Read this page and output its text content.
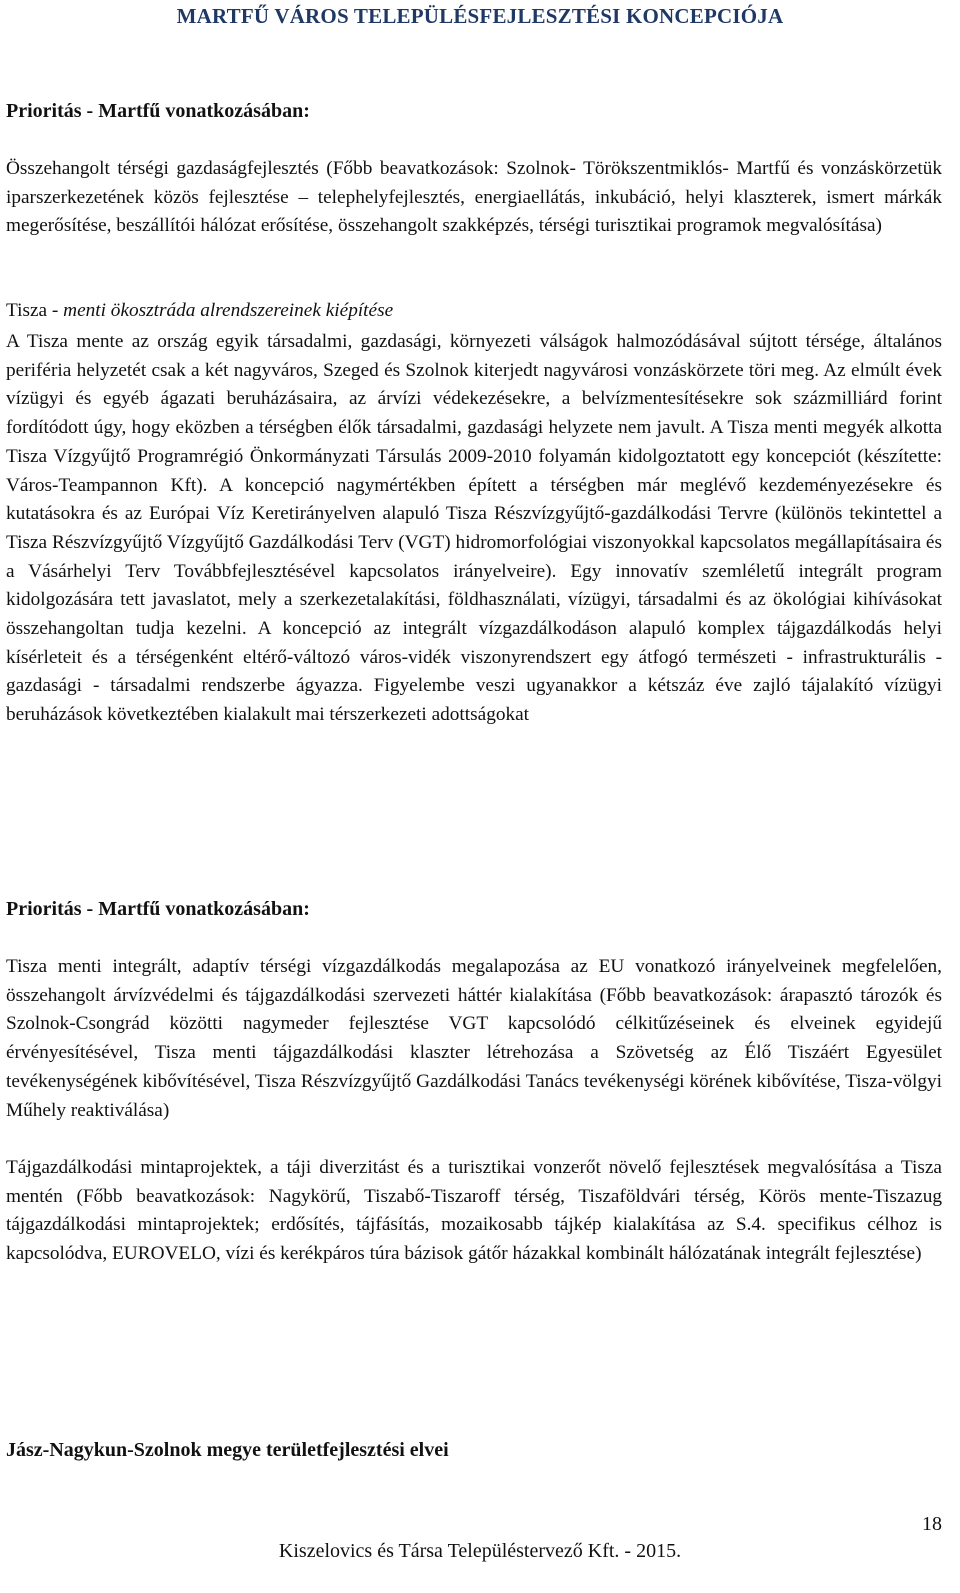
MARTFŰ VÁROS TELEPÜLÉSFEJLESZTÉSI KONCEPCIÓJA
Prioritás - Martfű vonatkozásában:

Összehangolt térségi gazdaságfejlesztés (Főbb beavatkozások: Szolnok- Törökszentmiklós- Martfű és vonzáskörzetük iparszerkezetének közös fejlesztése – telephelyfejlesztés, energiaellátás, inkubáció, helyi klaszterek, ismert márkák megerősítése, beszállítói hálózat erősítése, összehangolt szakképzés, térségi turisztikai programok megvalósítása)

Tisza - menti ökosztráda alrendszereinek kiépítése

A Tisza mente az ország egyik társadalmi, gazdasági, környezeti válságok halmozódásával sújtott térsége, általános periféria helyzetét csak a két nagyváros, Szeged és Szolnok kiterjedt nagyvárosi vonzáskörzete töri meg. Az elmúlt évek vízügyi és egyéb ágazati beruházásaira, az árvízi védekezésekre, a belvízmentesítésekre sok százmilliárd forint fordítódott úgy, hogy eközben a térségben élők társadalmi, gazdasági helyzete nem javult. A Tisza menti megyék alkotta Tisza Vízgyűjtő Programrégió Önkormányzati Társulás 2009-2010 folyamán kidolgoztatott egy koncepciót (készítette: Város-Teampannon Kft). A koncepció nagymértékben épített a térségben már meglévő kezdeményezésekre és kutatásokra és az Európai Víz Keretirányelven alapuló Tisza Részvízgyűjtő-gazdálkodási Tervre (különös tekintettel a Tisza Részvízgyűjtő Vízgyűjtő Gazdálkodási Terv (VGT) hidromorfológiai viszonyokkal kapcsolatos megállapításaira és a Vásárhelyi Terv Továbbfejlesztésével kapcsolatos irányelveire). Egy innovatív szemléletű integrált program kidolgozására tett javaslatot, mely a szerkezetalakítási, földhasználati, vízügyi, társadalmi és az ökológiai kihívásokat összehangoltan tudja kezelni. A koncepció az integrált vízgazdálkodáson alapuló komplex tájgazdálkodás helyi kísérleteit és a térségenként eltérő-változó város-vidék viszonyrendszert egy átfogó természeti - infrastrukturális - gazdasági - társadalmi rendszerbe ágyazza. Figyelembe veszi ugyanakkor a kétszáz éve zajló tájalakító vízügyi beruházások következtében kialakult mai térszerkezeti adottságokat

Prioritás - Martfű vonatkozásában:

Tisza menti integrált, adaptív térségi vízgazdálkodás megalapozása az EU vonatkozó irányelveinek megfelelően, összehangolt árvízvédelmi és tájgazdálkodási szervezeti háttér kialakítása (Főbb beavatkozások: árapasztó tározók és Szolnok-Csongrád közötti nagymeder fejlesztése VGT kapcsolódó célkitűzéseinek és elveinek egyidejű érvényesítésével, Tisza menti tájgazdálkodási klaszter létrehozása a Szövetség az Élő Tiszáért Egyesület tevékenységének kibővítésével, Tisza Részvízgyűjtő Gazdálkodási Tanács tevékenységi körének kibővítése, Tisza-völgyi Műhely reaktiválása)

Tájgazdálkodási mintaprojektek, a táji diverzitást és a turisztikai vonzerőt növelő fejlesztések megvalósítása a Tisza mentén (Főbb beavatkozások: Nagykörű, Tiszabő-Tiszaroff térség, Tiszaföldvári térség, Körös mente-Tiszazug tájgazdálkodási mintaprojektek; erdősítés, tájfásítás, mozaikosabb tájkép kialakítása az S.4. specifikus célhoz is kapcsolódva, EUROVELO, vízi és kerékpáros túra bázisok gátőr házakkal kombinált hálózatának integrált fejlesztése)

Jász-Nagykun-Szolnok megye területfejlesztési elvei
18
Kiszelovics és Társa Településtervező Kft. - 2015.
